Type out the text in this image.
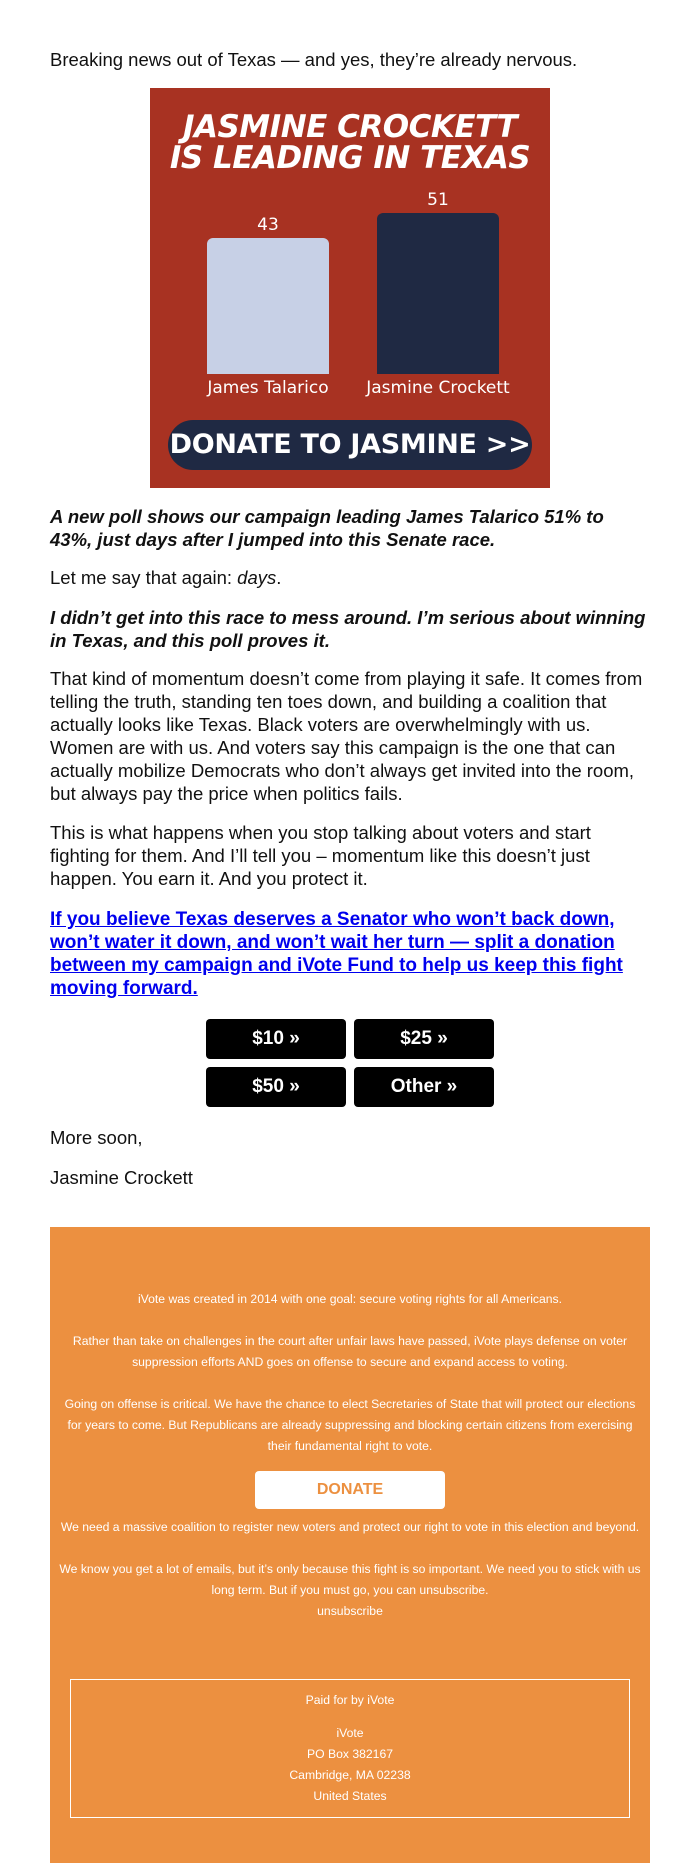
Breaking news out of Texas — and yes, they’re already nervous.

JASMINE CROCKETT
IS LEADING IN TEXAS
43
51
James Talarico	Jasmine Crockett
DONATE TO JASMINE >>

A new poll shows our campaign leading James Talarico 51% to 43%, just days after I jumped into this Senate race.

Let me say that again: days.

I didn’t get into this race to mess around. I’m serious about winning in Texas, and this poll proves it.

That kind of momentum doesn’t come from playing it safe. It comes from telling the truth, standing ten toes down, and building a coalition that actually looks like Texas. Black voters are overwhelmingly with us. Women are with us. And voters say this campaign is the one that can actually mobilize Democrats who don’t always get invited into the room, but always pay the price when politics fails.

This is what happens when you stop talking about voters and start fighting for them. And I’ll tell you – momentum like this doesn’t just happen. You earn it. And you protect it.

If you believe Texas deserves a Senator who won’t back down, won’t water it down, and won’t wait her turn — split a donation between my campaign and iVote Fund to help us keep this fight moving forward.
$10 »	$25 »
$50 »	Other »

More soon,

Jasmine Crockett

iVote was created in 2014 with one goal: secure voting rights for all Americans.

Rather than take on challenges in the court after unfair laws have passed, iVote plays defense on voter suppression efforts AND goes on offense to secure and expand access to voting.

Going on offense is critical. We have the chance to elect Secretaries of State that will protect our elections for years to come. But Republicans are already suppressing and blocking certain citizens from exercising their fundamental right to vote.

DONATE

We need a massive coalition to register new voters and protect our right to vote in this election and beyond.

We know you get a lot of emails, but it’s only because this fight is so important. We need you to stick with us long term. But if you must go, you can unsubscribe.

unsubscribe

Paid for by iVote
iVote
PO Box 382167
Cambridge, MA 02238
United States
